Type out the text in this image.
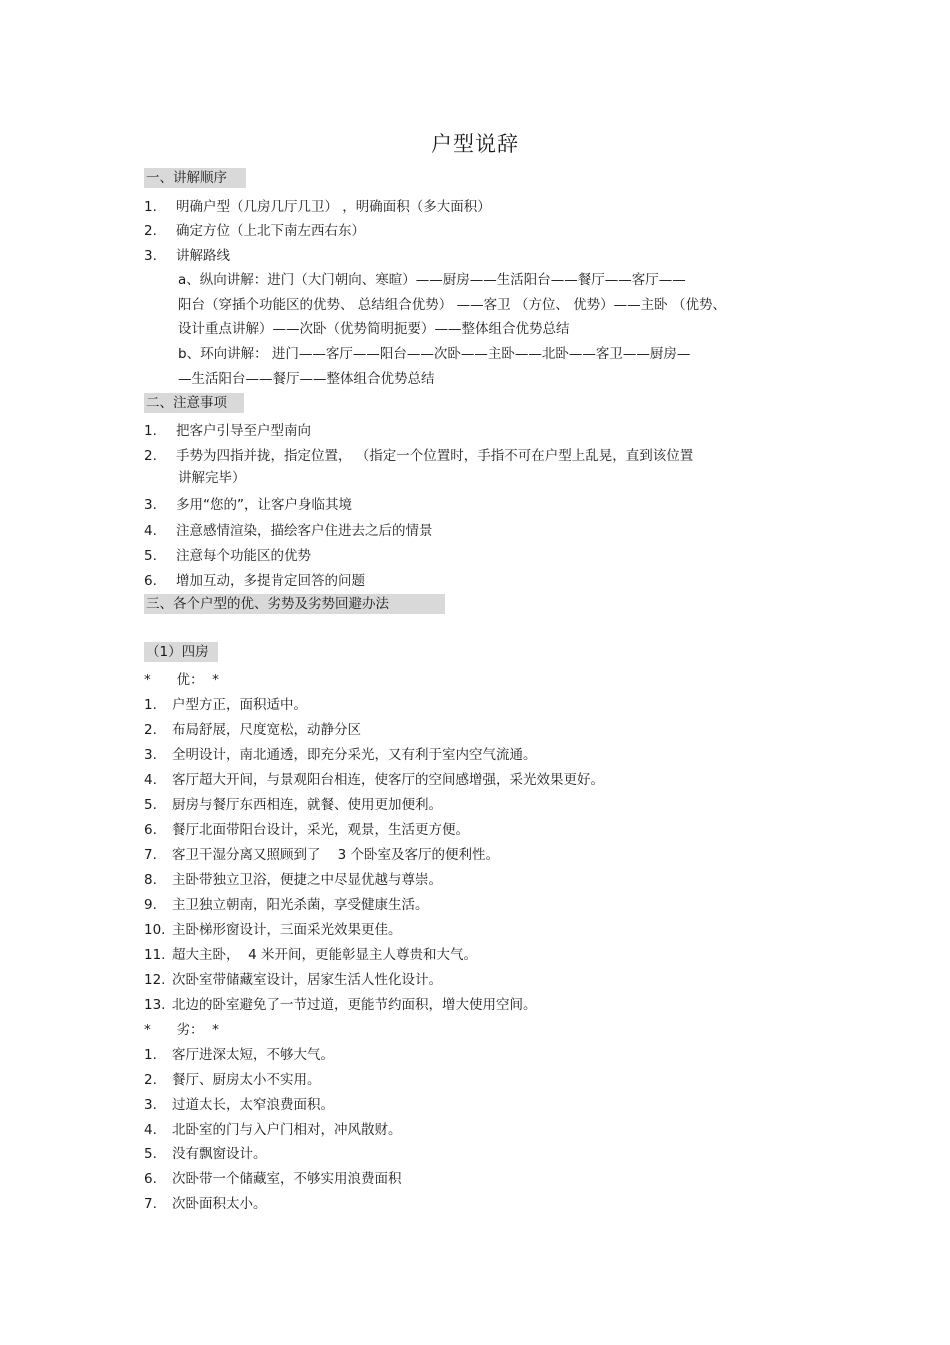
户型说辞
一、讲解顺序
1. 明确户型（几房几厅几卫） ，明确面积（多大面积）
2. 确定方位（上北下南左西右东）
3. 讲解路线
a、纵向讲解：进门（大门朝向、寒暄）——厨房——生活阳台——餐厅——客厅——
阳台（穿插个功能区的优势、 总结组合优势） ——客卫 （方位、 优势）——主卧 （优势、
设计重点讲解）——次卧（优势简明扼要）——整体组合优势总结
b、环向讲解： 进门——客厅——阳台——次卧——主卧——北卧——客卫——厨房—
—生活阳台——餐厅——整体组合优势总结
二、注意事项
1. 把客户引导至户型南向
2. 手势为四指并拢，指定位置， （指定一个位置时，手指不可在户型上乱晃，直到该位置
讲解完毕）
3. 多用“您的”，让客户身临其境
4. 注意感情渲染，描绘客户住进去之后的情景
5. 注意每个功能区的优势
6. 增加互动，多提肯定回答的问题
三、各个户型的优、劣势及劣势回避办法
（1）四房
*      优：  *
1. 户型方正，面积适中。
2. 布局舒展，尺度宽松，动静分区
3. 全明设计，南北通透，即充分采光，又有利于室内空气流通。
4. 客厅超大开间，与景观阳台相连，使客厅的空间感增强，采光效果更好。
5. 厨房与餐厅东西相连，就餐、使用更加便利。
6. 餐厅北面带阳台设计，采光，观景，生活更方便。
7. 客卫干湿分离又照顾到了    3 个卧室及客厅的便利性。
8. 主卧带独立卫浴，便捷之中尽显优越与尊崇。
9. 主卫独立朝南，阳光杀菌，享受健康生活。
10. 主卧梯形窗设计，三面采光效果更佳。
11. 超大主卧，  4 米开间，更能彰显主人尊贵和大气。
12. 次卧室带储藏室设计，居家生活人性化设计。
13. 北边的卧室避免了一节过道，更能节约面积，增大使用空间。
*      劣：  *
1. 客厅进深太短，不够大气。
2. 餐厅、厨房太小不实用。
3. 过道太长，太窄浪费面积。
4. 北卧室的门与入户门相对，冲风散财。
5. 没有飘窗设计。
6. 次卧带一个储藏室，不够实用浪费面积
7. 次卧面积太小。
